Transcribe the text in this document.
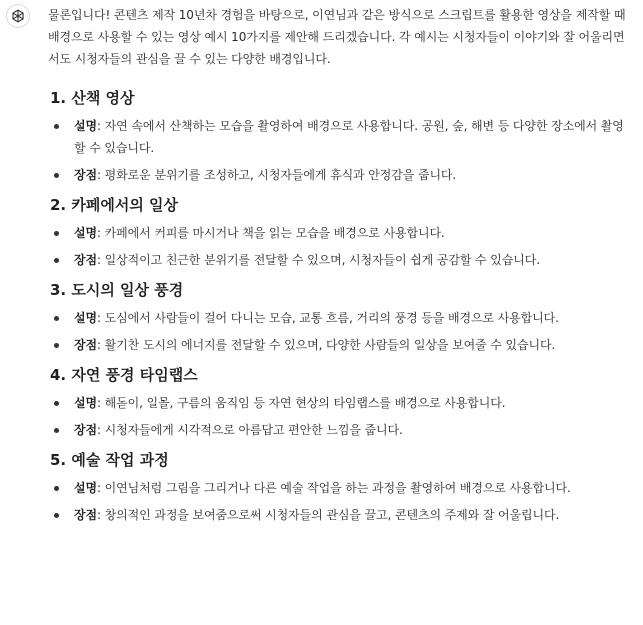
물론입니다! 콘텐츠 제작 10년차 경험을 바탕으로, 이연님과 같은 방식으로 스크립트를 활용한 영상을 제작할 때 배경으로 사용할 수 있는 영상 예시 10가지를 제안해 드리겠습니다. 각 예시는 시청자들이 이야기와 잘 어울리면서도 시청자들의 관심을 끌 수 있는 다양한 배경입니다.

1. 산책 영상
설명: 자연 속에서 산책하는 모습을 촬영하여 배경으로 사용합니다. 공원, 숲, 해변 등 다양한 장소에서 촬영할 수 있습니다.
장점: 평화로운 분위기를 조성하고, 시청자들에게 휴식과 안정감을 줍니다.
2. 카페에서의 일상
설명: 카페에서 커피를 마시거나 책을 읽는 모습을 배경으로 사용합니다.
장점: 일상적이고 친근한 분위기를 전달할 수 있으며, 시청자들이 쉽게 공감할 수 있습니다.
3. 도시의 일상 풍경
설명: 도심에서 사람들이 걸어 다니는 모습, 교통 흐름, 거리의 풍경 등을 배경으로 사용합니다.
장점: 활기찬 도시의 에너지를 전달할 수 있으며, 다양한 사람들의 일상을 보여줄 수 있습니다.
4. 자연 풍경 타임랩스
설명: 해돋이, 일몰, 구름의 움직임 등 자연 현상의 타임랩스를 배경으로 사용합니다.
장점: 시청자들에게 시각적으로 아름답고 편안한 느낌을 줍니다.
5. 예술 작업 과정
설명: 이연님처럼 그림을 그리거나 다른 예술 작업을 하는 과정을 촬영하여 배경으로 사용합니다.
장점: 창의적인 과정을 보여줌으로써 시청자들의 관심을 끌고, 콘텐츠의 주제와 잘 어울립니다.
